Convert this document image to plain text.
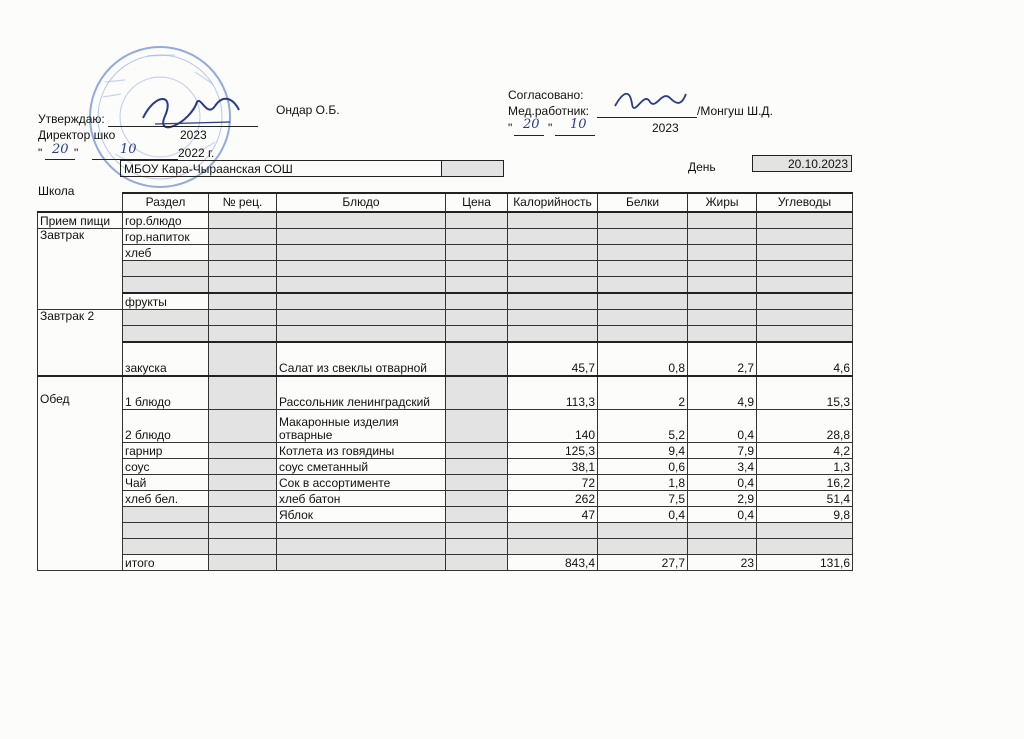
Утверждаю:
Ондар О.Б.
Директор шко	2023
" 20 "	10	2022 г.
Согласовано:
Мед.работник:	/Монгуш Ш.Д.
" 20 " 10	2023
Школа
МБОУ Кара-Чыраанская СОШ	День	20.10.2023
	Раздел	№ рец.	Блюдо	Цена	Калорийность	Белки	Жиры	Углеводы
Прием пищи	гор.блюдо							
Завтрак	гор.напиток							
	хлеб							

	фрукты							
Завтрак 2								

	закуска		Салат из свеклы отварной		45,7	0,8	2,7	4,6
Обед	1 блюдо		Рассольник ленинградский		113,3	2	4,9	15,3
	2 блюдо		Макаронные изделия отварные		140	5,2	0,4	28,8
	гарнир		Котлета из говядины		125,3	9,4	7,9	4,2
	соус		соус сметанный		38,1	0,6	3,4	1,3
	Чай		Сок в ассортименте		72	1,8	0,4	16,2
	хлеб бел.		хлеб батон		262	7,5	2,9	51,4
			Яблок		47	0,4	0,4	9,8

	итого				843,4	27,7	23	131,6
